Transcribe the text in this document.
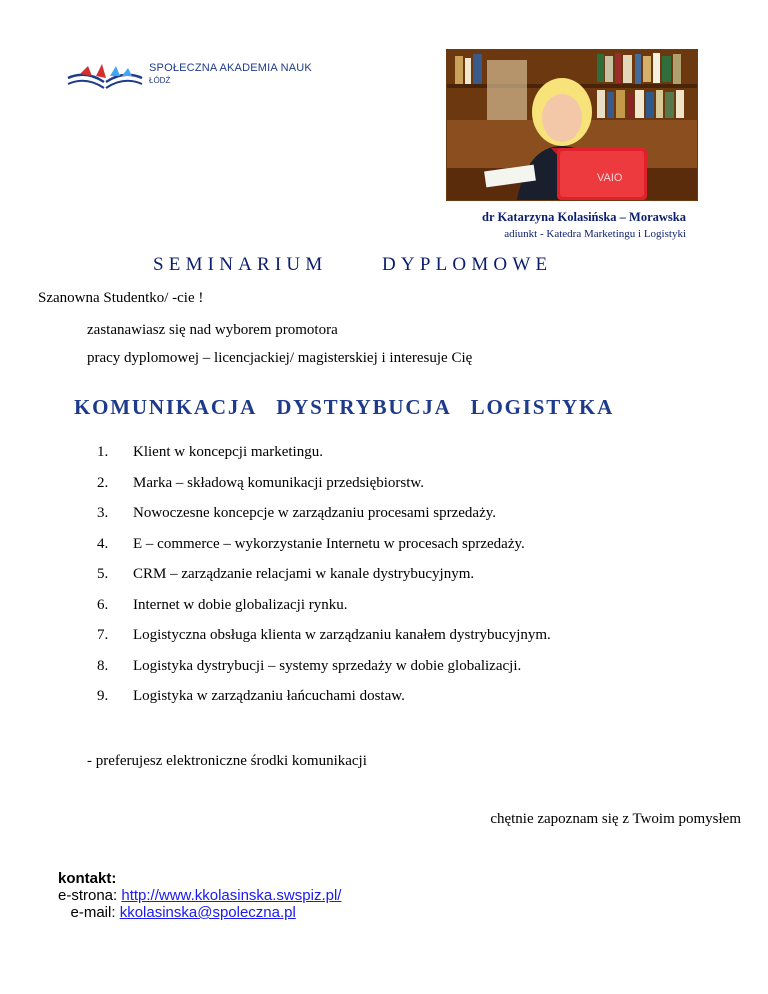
SPOŁECZNA AKADEMIA NAUK
ŁÓDŹ
VAIO
dr Katarzyna Kolasińska – Morawska
adiunkt - Katedra Marketingu i Logistyki
SEMINARIUM	DYPLOMOWE
Szanowna Studentko/ -cie !
zastanawiasz się nad wyborem promotora
pracy dyplomowej – licencjackiej/ magisterskiej i interesuje Cię
KOMUNIKACJA DYSTRYBUCJA LOGISTYKA
1. Klient w koncepcji marketingu.
2. Marka – składową komunikacji przedsiębiorstw.
3. Nowoczesne koncepcje w zarządzaniu procesami sprzedaży.
4. E – commerce – wykorzystanie Internetu w procesach sprzedaży.
5. CRM – zarządzanie relacjami w kanale dystrybucyjnym.
6. Internet w dobie globalizacji rynku.
7. Logistyczna obsługa klienta w zarządzaniu kanałem dystrybucyjnym.
8. Logistyka dystrybucji – systemy sprzedaży w dobie globalizacji.
9. Logistyka w zarządzaniu łańcuchami dostaw.
- preferujesz elektroniczne środki komunikacji
chętnie zapoznam się z Twoim pomysłem
kontakt:
e-strona: http://www.kkolasinska.swspiz.pl/
e-mail: kkolasinska@spoleczna.pl
